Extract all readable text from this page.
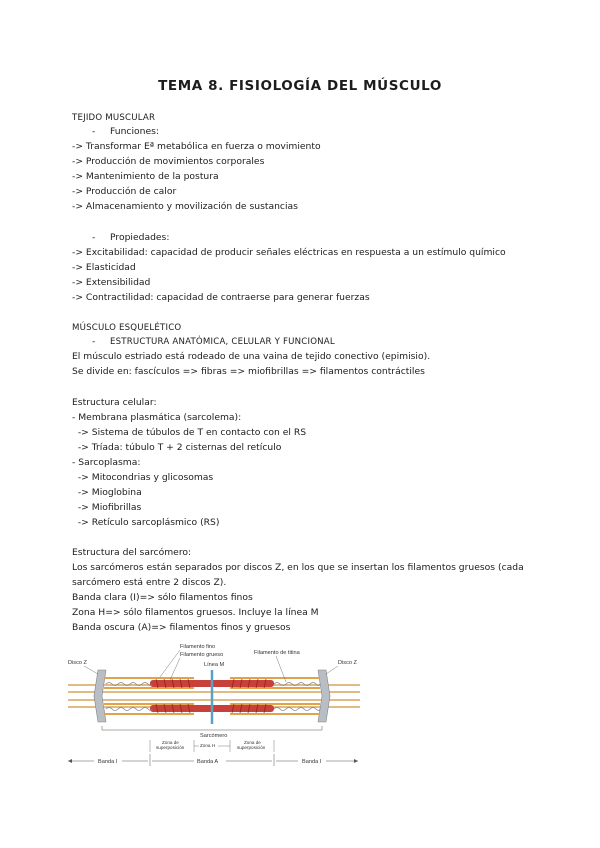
TEMA 8. FISIOLOGÍA DEL MÚSCULO
TEJIDO MUSCULAR
- Funciones:
-> Transformar Eª metabólica en fuerza o movimiento
-> Producción de movimientos corporales
-> Mantenimiento de la postura
-> Producción de calor
-> Almacenamiento y movilización de sustancias
- Propiedades:
-> Excitabilidad: capacidad de producir señales eléctricas en respuesta a un estímulo químico
-> Elasticidad
-> Extensibilidad
-> Contractilidad: capacidad de contraerse para generar fuerzas
MÚSCULO ESQUELÉTICO
- ESTRUCTURA ANATÓMICA, CELULAR Y FUNCIONAL
El músculo estriado está rodeado de una vaina de tejido conectivo (epimisio).
Se divide en: fascículos => fibras => miofibrillas => filamentos contráctiles
Estructura celular:
- Membrana plasmática (sarcolema):
-> Sistema de túbulos de T en contacto con el RS
-> Tríada: túbulo T + 2 cisternas del retículo
- Sarcoplasma:
-> Mitocondrias y glicosomas
-> Mioglobina
-> Miofibrillas
-> Retículo sarcoplásmico (RS)
Estructura del sarcómero:
Los sarcómeros están separados por discos Z, en los que se insertan los filamentos gruesos (cada
sarcómero está entre 2 discos Z).
Banda clara (I)=> sólo filamentos finos
Zona H=> sólo filamentos gruesos. Incluye la línea M
Banda oscura (A)=> filamentos finos y gruesos
Disco Z
Filamento fino
Filamento grueso
Línea M
Filamento de titina
Disco Z
Sarcómero
Zona de
superposición	Zona H
Zona de
superposición
Banda I	Banda A	Banda I
